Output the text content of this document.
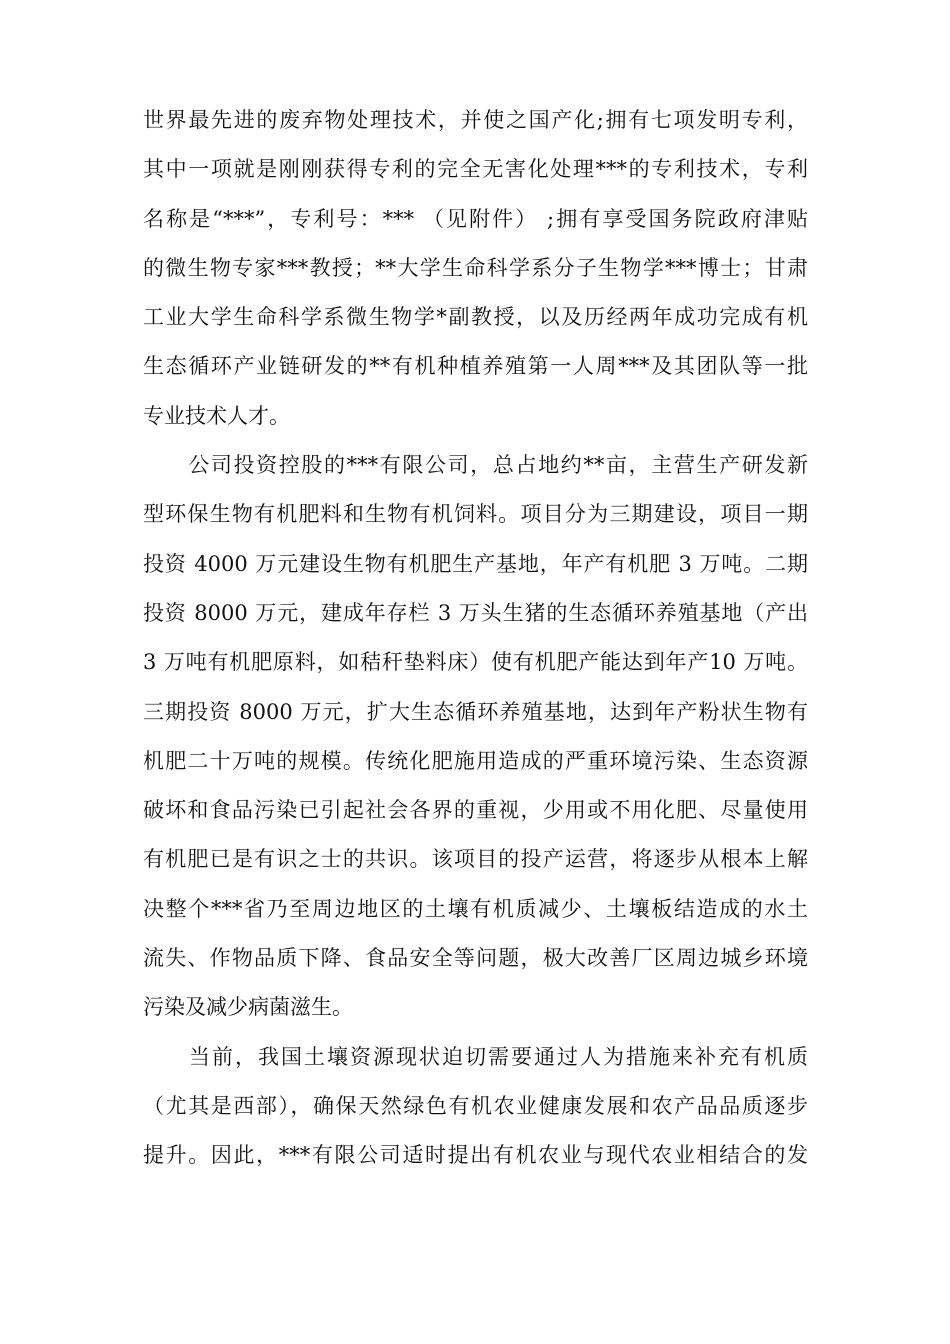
世界最先进的废弃物处理技术，并使之国产化;拥有七项发明专利，
其中一项就是刚刚获得专利的完全无害化处理***的专利技术，专利
名称是“***”，专利号：*** （见附件） ;拥有享受国务院政府津贴
的微生物专家***教授；**大学生命科学系分子生物学***博士；甘肃
工业大学生命科学系微生物学*副教授，以及历经两年成功完成有机
生态循环产业链研发的**有机种植养殖第一人周***及其团队等一批
专业技术人才。
　　公司投资控股的***有限公司，总占地约**亩，主营生产研发新
型环保生物有机肥料和生物有机饲料。项目分为三期建设，项目一期
投资 4000 万元建设生物有机肥生产基地，年产有机肥 3 万吨。二期
投资 8000 万元，建成年存栏 3 万头生猪的生态循环养殖基地（产出
3 万吨有机肥原料，如秸秆垫料床）使有机肥产能达到年产10 万吨。
三期投资 8000 万元，扩大生态循环养殖基地，达到年产粉状生物有
机肥二十万吨的规模。传统化肥施用造成的严重环境污染、生态资源
破坏和食品污染已引起社会各界的重视，少用或不用化肥、尽量使用
有机肥已是有识之士的共识。该项目的投产运营，将逐步从根本上解
决整个***省乃至周边地区的土壤有机质减少、土壤板结造成的水土
流失、作物品质下降、食品安全等问题，极大改善厂区周边城乡环境
污染及减少病菌滋生。
　　当前，我国土壤资源现状迫切需要通过人为措施来补充有机质
（尤其是西部），确保天然绿色有机农业健康发展和农产品品质逐步
提升。因此，***有限公司适时提出有机农业与现代农业相结合的发
